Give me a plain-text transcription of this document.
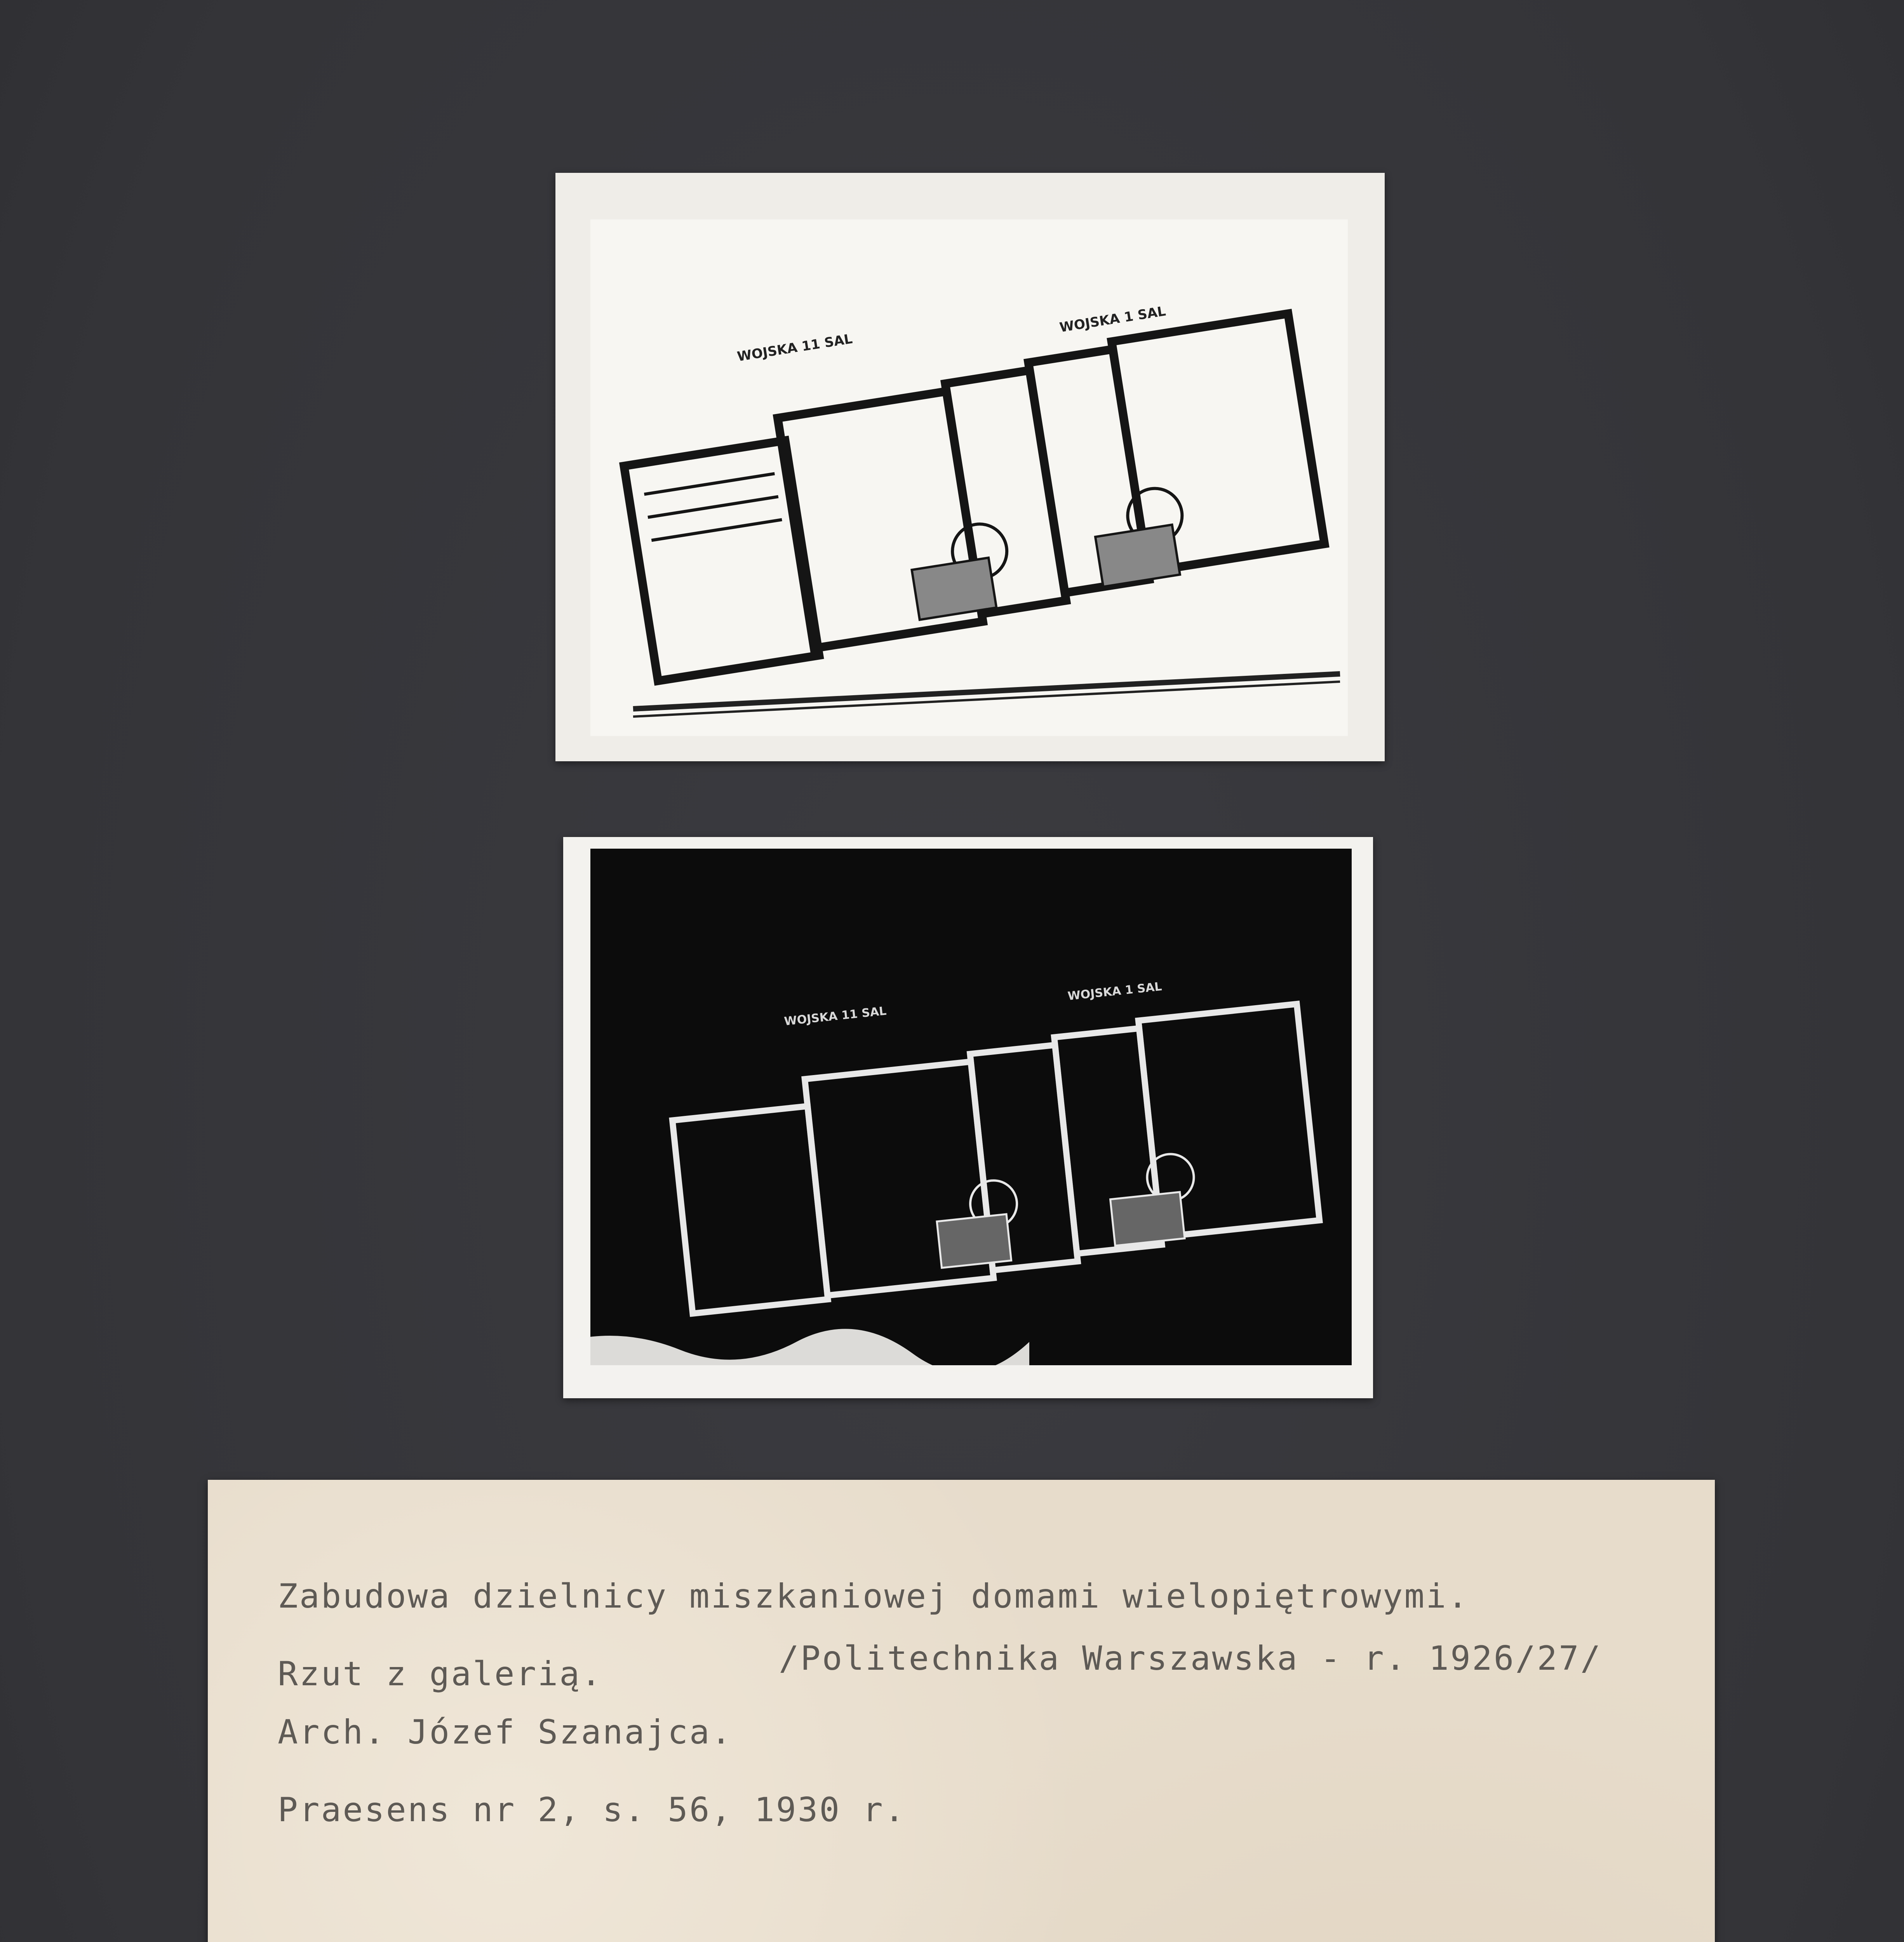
WOJSKA 11 SAL
WOJSKA 1 SAL
WOJSKA 11 SAL
WOJSKA 1 SAL
Zabudowa dzielnicy miszkaniowej domami wielopiętrowymi.
/Politechnika Warszawska - r. 1926/27/
Rzut z galerią.
Arch. Józef Szanajca.
Praesens nr 2, s. 56, 1930 r.
